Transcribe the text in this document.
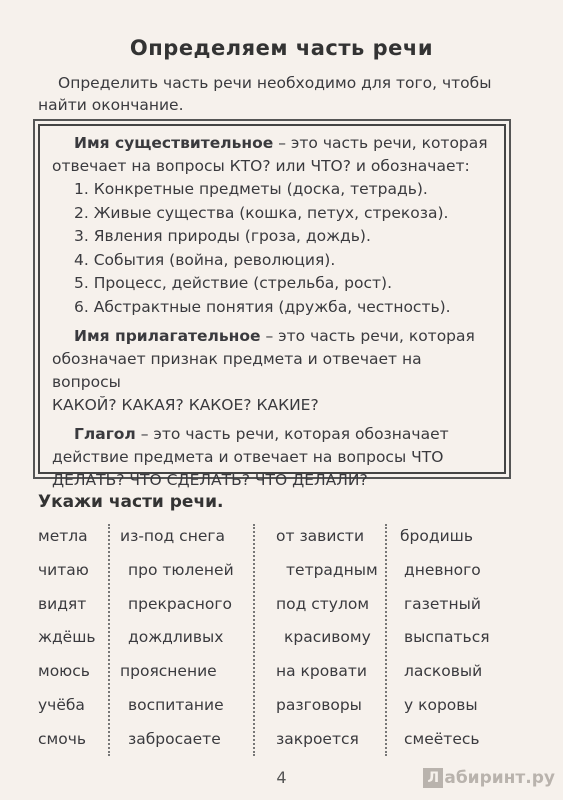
Определяем часть речи

Определить часть речи необходимо для того, чтобы найти окончание.

Имя существительное – это часть речи, которая отвечает на вопросы КТО? или ЧТО? и обозначает:

1. Конкретные предметы (доска, тетрадь).
2. Живые существа (кошка, петух, стрекоза).
3. Явления природы (гроза, дождь).
4. События (война, революция).
5. Процесс, действие (стрельба, рост).
6. Абстрактные понятия (дружба, честность).

Имя прилагательное – это часть речи, которая обозначает признак предмета и отвечает на вопросы

КАКОЙ? КАКАЯ? КАКОЕ? КАКИЕ?

Глагол – это часть речи, которая обозначает действие предмета и отвечает на вопросы ЧТО ДЕЛАТЬ? ЧТО СДЕЛАТЬ? ЧТО ДЕЛАЛИ?

Укажи части речи.
метла
читаю
видят
ждёшь
моюсь
учёба
смочь
из-под снега
про тюленей
прекрасного
дождливых
прояснение
воспитание
забросаете
от зависти
тетрадным
под стулом
красивому
на кровати
разговоры
закроется
бродишь
дневного
газетный
выспаться
ласковый
у коровы
смеётесь
4	Л абиринт.ру
